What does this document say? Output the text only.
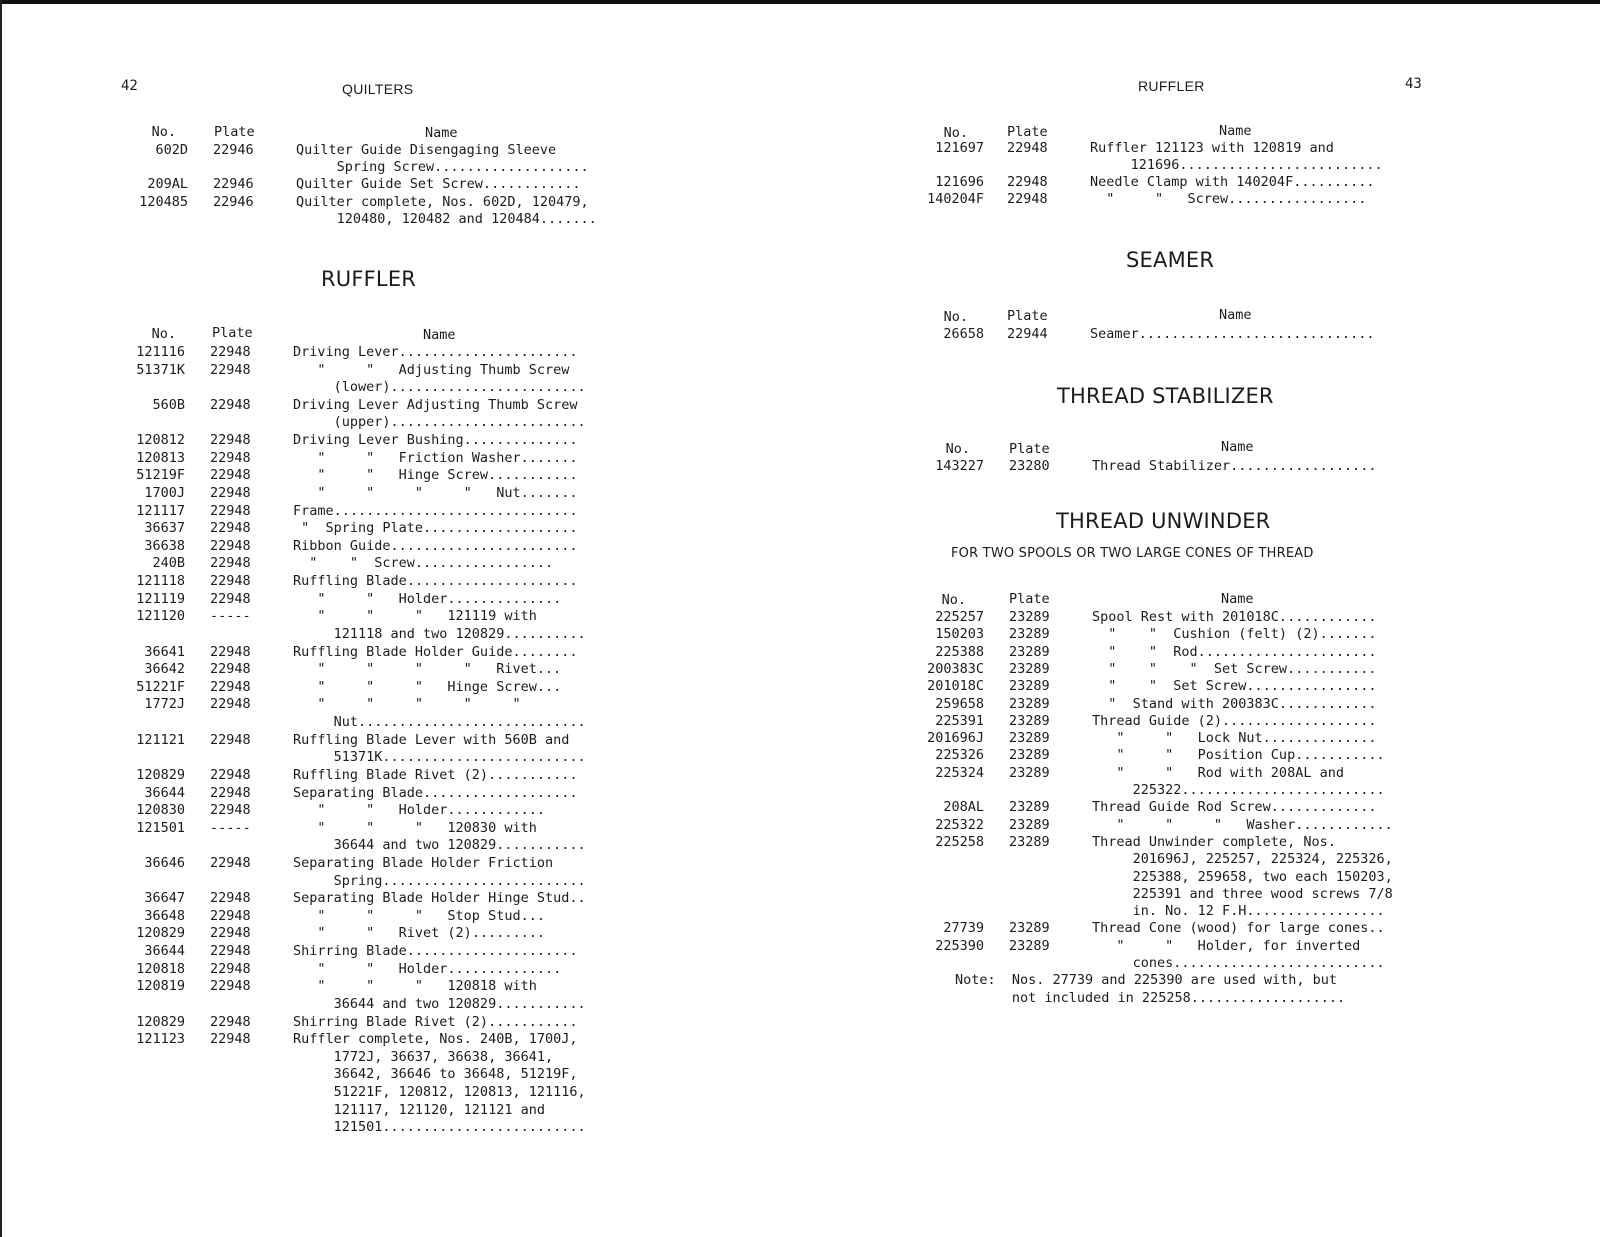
42	QUILTERS
No.	Plate	Name
602D 22946	Quilter Guide Disengaging Sleeve
Spring Screw...................
209AL 22946	Quilter Guide Set Screw............
120485 22946	Quilter complete, Nos. 602D, 120479,
120480, 120482 and 120484.......
RUFFLER
No.	Plate	Name
121116 22948	Driving Lever......................
51371K 22948	"     "   Adjusting Thumb Screw
(lower)........................
560B 22948	Driving Lever Adjusting Thumb Screw
(upper)........................
120812 22948	Driving Lever Bushing..............
120813 22948	"     "   Friction Washer.......
51219F 22948	"     "   Hinge Screw...........
1700J 22948	"     "     "     "   Nut.......
121117 22948	Frame..............................
36637 22948	"  Spring Plate...................
36638 22948	Ribbon Guide.......................
240B 22948	"    "  Screw.................
121118 22948	Ruffling Blade.....................
121119 22948	"     "   Holder..............
121120 -----	"     "     "   121119 with
121118 and two 120829..........
36641 22948	Ruffling Blade Holder Guide........
36642 22948	"     "     "     "   Rivet...
51221F 22948	"     "     "   Hinge Screw...
1772J 22948	"     "     "     "     "
Nut............................
121121 22948	Ruffling Blade Lever with 560B and
51371K.........................
120829 22948	Ruffling Blade Rivet (2)...........
36644 22948	Separating Blade...................
120830 22948	"     "   Holder............
121501 -----	"     "     "   120830 with
36644 and two 120829...........
36646 22948	Separating Blade Holder Friction
Spring.........................
36647 22948	Separating Blade Holder Hinge Stud..
36648 22948	"     "     "   Stop Stud...
120829 22948	"     "   Rivet (2).........
36644 22948	Shirring Blade.....................
120818 22948	"     "   Holder..............
120819 22948	"     "     "   120818 with
36644 and two 120829...........
120829 22948	Shirring Blade Rivet (2)...........
121123 22948	Ruffler complete, Nos. 240B, 1700J,
1772J, 36637, 36638, 36641,
36642, 36646 to 36648, 51219F,
51221F, 120812, 120813, 121116,
121117, 121120, 121121 and
121501.........................
RUFFLER	43
No.	Plate	Name
121697 22948	Ruffler 121123 with 120819 and
121696.........................
121696 22948	Needle Clamp with 140204F..........
140204F 22948	"     "   Screw.................
SEAMER
No.	Plate	Name
26658 22944	Seamer.............................
THREAD STABILIZER
No.	Plate	Name
143227 23280	Thread Stabilizer..................
THREAD UNWINDER
FOR TWO SPOOLS OR TWO LARGE CONES OF THREAD
No.	Plate	Name
225257 23289	Spool Rest with 201018C............
150203 23289	"    "  Cushion (felt) (2).......
225388 23289	"    "  Rod......................
200383C 23289	"    "    "  Set Screw...........
201018C 23289	"    "  Set Screw................
259658 23289	"  Stand with 200383C............
225391 23289	Thread Guide (2)...................
201696J 23289	"     "   Lock Nut..............
225326 23289	"     "   Position Cup...........
225324 23289	"     "   Rod with 208AL and
225322.........................
208AL 23289	Thread Guide Rod Screw.............
225322 23289	"     "     "   Washer............
225258 23289	Thread Unwinder complete, Nos.
201696J, 225257, 225324, 225326,
225388, 259658, two each 150203,
225391 and three wood screws 7/8
in. No. 12 F.H.................
27739 23289	Thread Cone (wood) for large cones..
225390 23289	"     "   Holder, for inverted
cones..........................
Note:  Nos. 27739 and 225390 are used with, but
not included in 225258...................
